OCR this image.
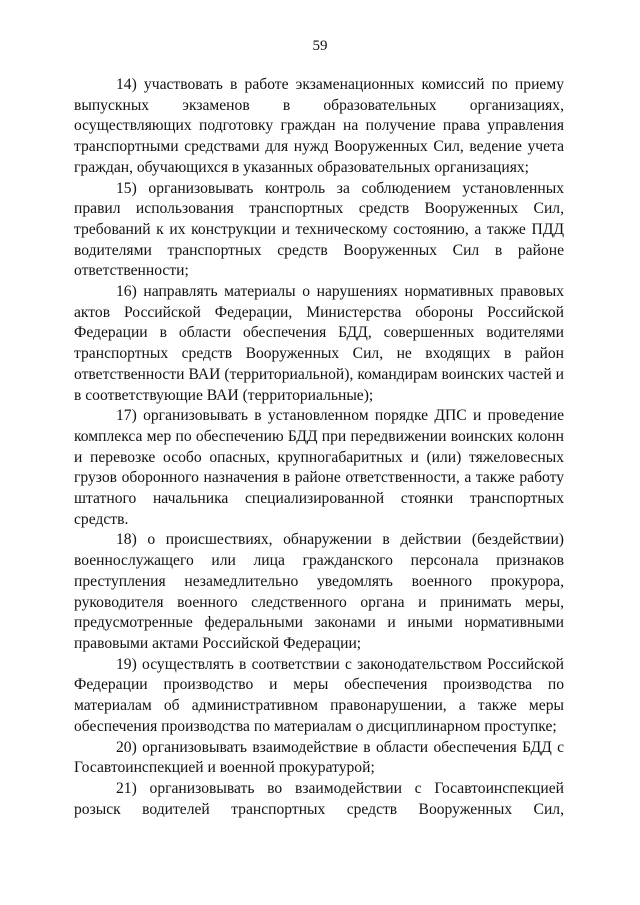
59

14) участвовать в работе экзаменационных комиссий по приему выпускных экзаменов в образовательных организациях, осуществляющих подготовку граждан на получение права управления транспортными средствами для нужд Вооруженных Сил, ведение учета граждан, обучающихся в указанных образовательных организациях;

15) организовывать контроль за соблюдением установленных правил использования транспортных средств Вооруженных Сил, требований к их конструкции и техническому состоянию, а также ПДД водителями транспортных средств Вооруженных Сил в районе ответственности;

16) направлять материалы о нарушениях нормативных правовых актов Российской Федерации, Министерства обороны Российской Федерации в области обеспечения БДД, совершенных водителями транспортных средств Вооруженных Сил, не входящих в район ответственности ВАИ (территориальной), командирам воинских частей и в соответствующие ВАИ (территориальные);

17) организовывать в установленном порядке ДПС и проведение комплекса мер по обеспечению БДД при передвижении воинских колонн и перевозке особо опасных, крупногабаритных и (или) тяжеловесных грузов оборонного назначения в районе ответственности, а также работу штатного начальника специализированной стоянки транспортных средств.

18) о происшествиях, обнаружении в действии (бездействии) военнослужащего или лица гражданского персонала признаков преступления незамедлительно уведомлять военного прокурора, руководителя военного следственного органа и принимать меры, предусмотренные федеральными законами и иными нормативными правовыми актами Российской Федерации;

19) осуществлять в соответствии с законодательством Российской Федерации производство и меры обеспечения производства по материалам об административном правонарушении, а также меры обеспечения производства по материалам о дисциплинарном проступке;

20) организовывать взаимодействие в области обеспечения БДД с Госавтоинспекцией и военной прокуратурой;

21) организовывать во взаимодействии с Госавтоинспекцией розыск водителей транспортных средств Вооруженных Сил,
